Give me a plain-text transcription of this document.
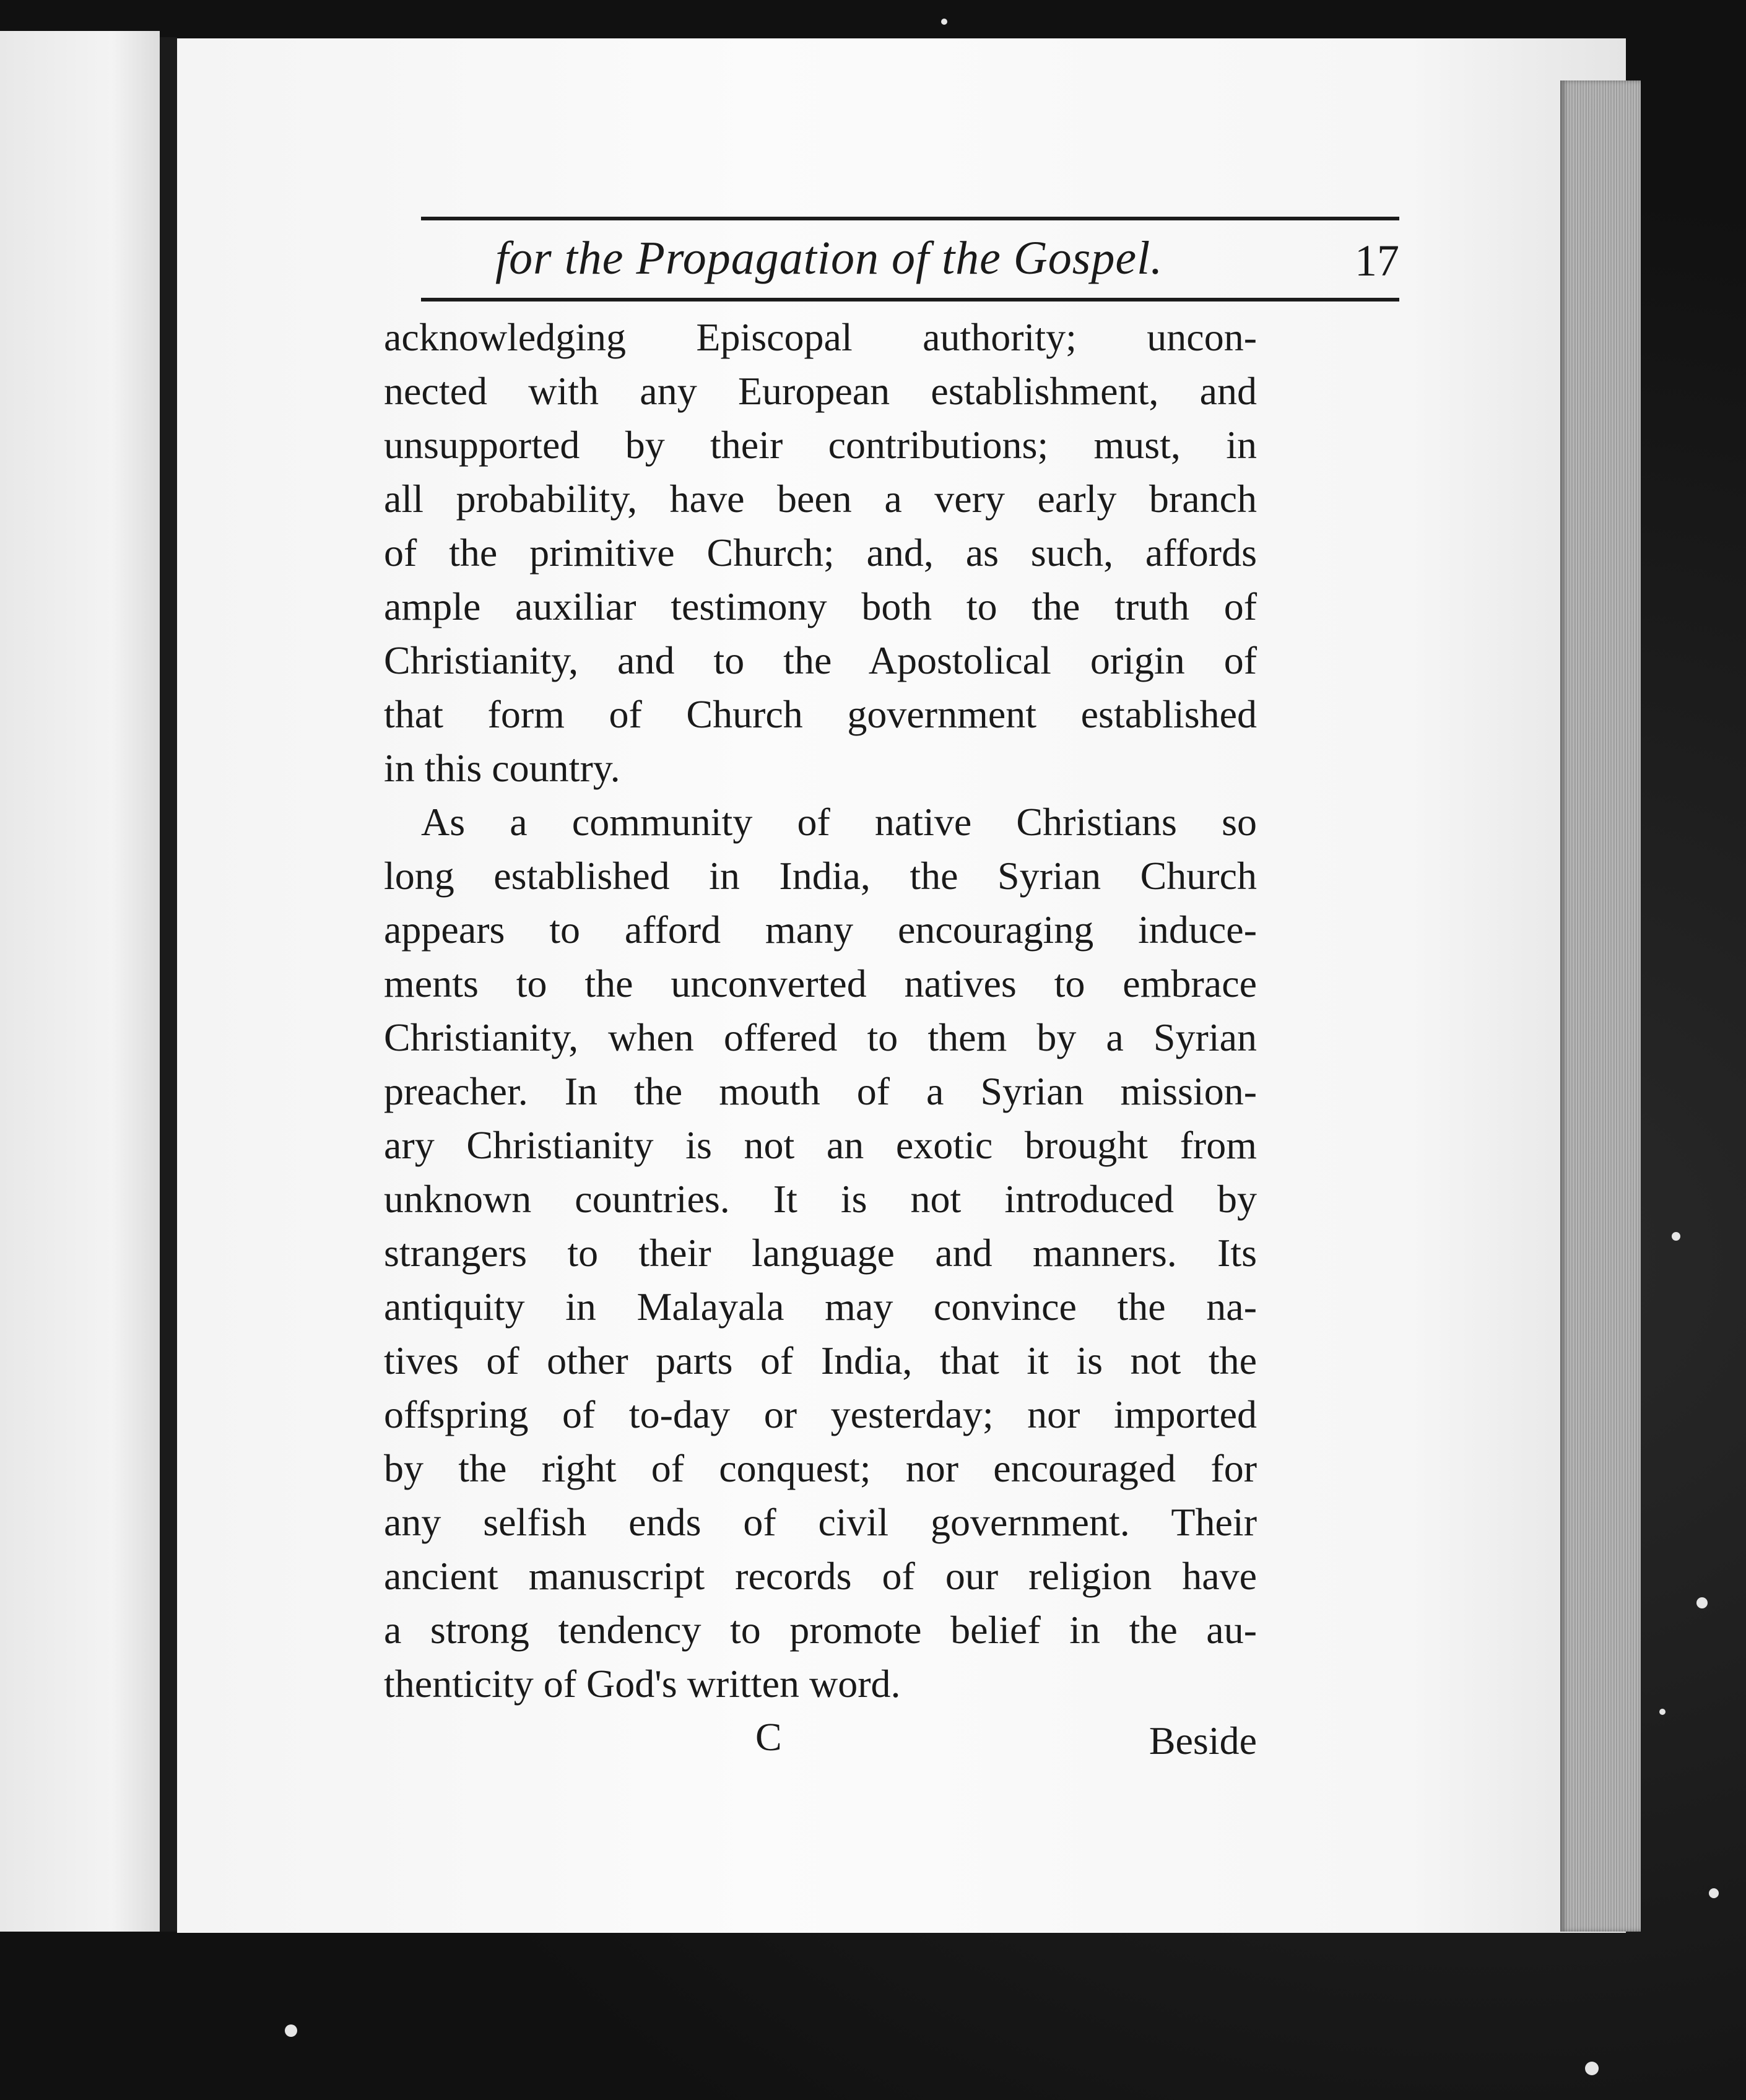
for the Propagation of the Gospel.	17
acknowledging Episcopal authority; uncon-
nected with any European establishment, and
unsupported by their contributions; must, in
all probability, have been a very early branch
of the primitive Church; and, as such, affords
ample auxiliar testimony both to the truth of
Christianity, and to the Apostolical origin of
that form of Church government established
in this country.
As a community of native Christians so
long established in India, the Syrian Church
appears to afford many encouraging induce-
ments to the unconverted natives to embrace
Christianity, when offered to them by a Syrian
preacher. In the mouth of a Syrian mission-
ary Christianity is not an exotic brought from
unknown countries. It is not introduced by
strangers to their language and manners. Its
antiquity in Malayala may convince the na-
tives of other parts of India, that it is not the
offspring of to-day or yesterday; nor imported
by the right of conquest; nor encouraged for
any selfish ends of civil government. Their
ancient manuscript records of our religion have
a strong tendency to promote belief in the au-
thenticity of God's written word.
C	Beside
